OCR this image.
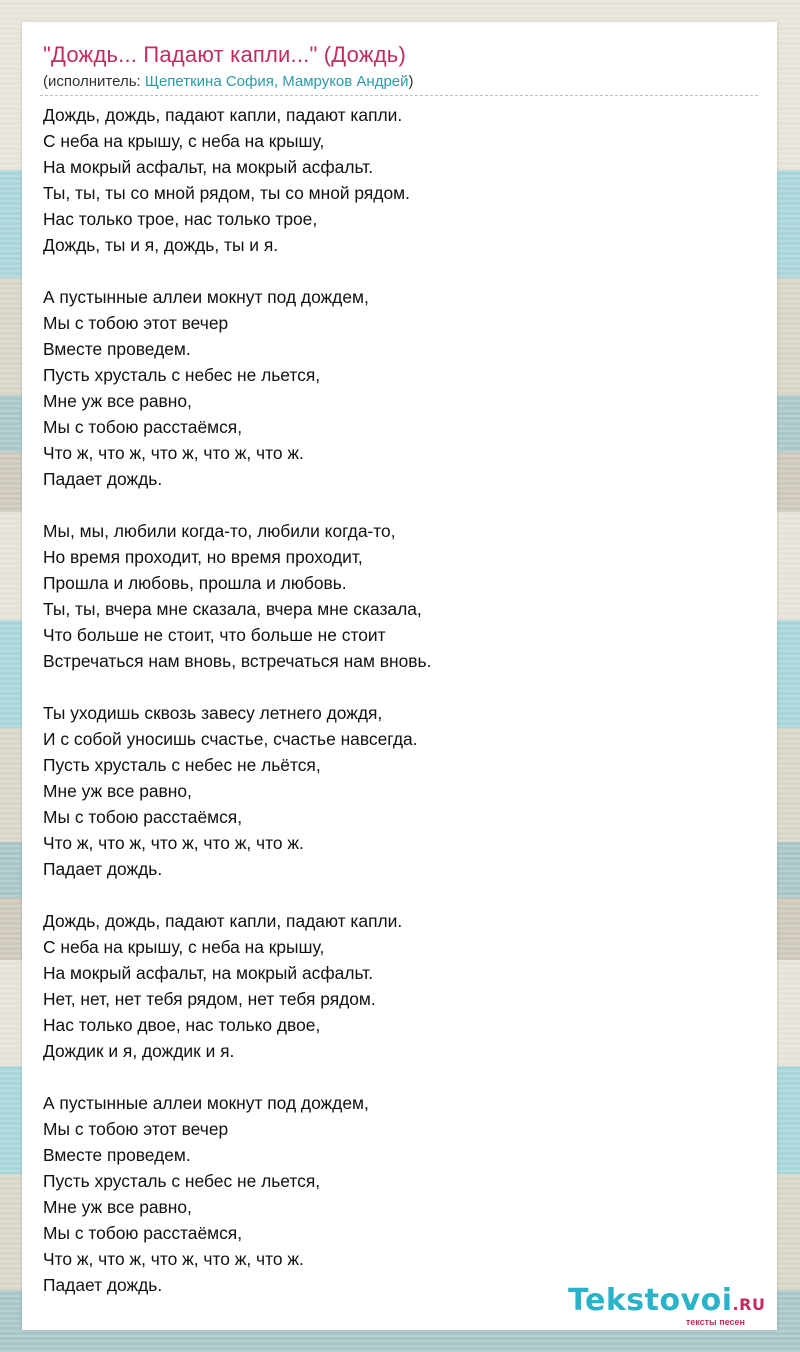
"Дождь... Падают капли..." (Дождь)
(исполнитель: Щепеткина София, Мамруков Андрей)
Дождь, дождь, падают капли, падают капли.
С неба на крышу, с неба на крышу,
На мокрый асфальт, на мокрый асфальт.
Ты, ты, ты со мной рядом, ты со мной рядом.
Нас только трое, нас только трое,
Дождь, ты и я, дождь, ты и я.
А пустынные аллеи мокнут под дождем,
Мы с тобою этот вечер
Вместе проведем.
Пусть хрусталь с небес не льется,
Мне уж все равно,
Мы с тобою расстаёмся,
Что ж, что ж, что ж, что ж, что ж.
Падает дождь.
Мы, мы, любили когда-то, любили когда-то,
Но время проходит, но время проходит,
Прошла и любовь, прошла и любовь.
Ты, ты, вчера мне сказала, вчера мне сказала,
Что больше не стоит, что больше не стоит
Встречаться нам вновь, встречаться нам вновь.
Ты уходишь сквозь завесу летнего дождя,
И с собой уносишь счастье, счастье навсегда.
Пусть хрусталь с небес не льётся,
Мне уж все равно,
Мы с тобою расстаёмся,
Что ж, что ж, что ж, что ж, что ж.
Падает дождь.
Дождь, дождь, падают капли, падают капли.
С неба на крышу, с неба на крышу,
На мокрый асфальт, на мокрый асфальт.
Нет, нет, нет тебя рядом, нет тебя рядом.
Нас только двое, нас только двое,
Дождик и я, дождик и я.
А пустынные аллеи мокнут под дождем,
Мы с тобою этот вечер
Вместе проведем.
Пусть хрусталь с небес не льется,
Мне уж все равно,
Мы с тобою расстаёмся,
Что ж, что ж, что ж, что ж, что ж.
Падает дождь.	Tekstovoi.RU
тексты песен
